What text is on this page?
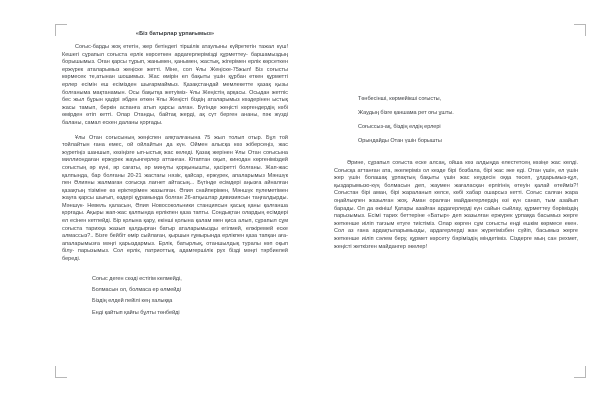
«Біз батырлар ұрпағымыз»

Соғыс-барды жоқ ететін, жер бетіндегі тіршілік атаулыны күйрететін тажал күш! Кешегі сұрапыл соғыста ерлік көрсеткен ардагерлерімізді құрметтеу- баршамыздың борышымыз. Оған қарсы тұрып, жанымен, қанымен, жастық, жігерімен ерлік көрсеткен ержүрек аталарымыз жеңіске жетті. Міне, сол Ұлы Жеңіске-75жыл! Біз соғысты көрмесек те,атынан шошимыз. Жас өмірін ел бақыты үшін құрбан еткен құрметті ерлер есімін еш есімізден шығармаймыз. Қазақстандай мемлекетте қазақ қызы болғаныма мақтанамын. Осы бақытқа жетуіміз- Ұлы Жеңістің арқасы. Осыдан жетпіс бес жыл бұрын қадірі әбден өткен Ұлы Жеңісті біздің аталарымыз көздерінен ыстық жасы тамып, беркін аспанға атып қарсы алған. Бүгінде жеңісті көргендердің көбі өмірден өтіп кетті. Олар Отанды, байтақ жерді, ақ сүт берген ананы, пәк жүзді баланы, самал ескен даланы қорғады.

Ұлы Отан соғысының жеңіспен аяқталғанына 75 жыл толып отыр. Бұл той тойлайтын ғана емес, ой ойлайтын да күн. Оймен алысқа көз жіберсеңіз, жас жүретіңіз шаншып, көзіңізге ып-ыстық жас келеді. Қазақ жерінен Ұлы Отан соғысына миллиондаған ержүрек жауынгерлер аттанған. Кітаптан оқып, кинодан көргеніміздей соғыстың әр күні, әр сағаты, әр минуты қорқынышты, қасіретті болғаны. Жап-жас қалпында, бар болғаны 20-21 жастағы нәзік, қайсар, ержүрек, апаларымыз Мәншүк пен Әлияны жалмаған соғысқа лағнет айтасың... Бүгінде есімдері аңызға айналған қазақтың тізіміне өз еріктерімен жазылған. Әлия снайперімен, Мәншүк пулеметімен жауға қарсы шығып, өздері құрамында болған 26-атқыштар дивизиясын таңғалдырды. Мәншүк- Невель қаласын, Әлия Новосокольники станциясын қасық қаны қалғанша қорғады. Ақыры жап-жас қалпында ерлікпен қаза тапты. Сондықтан олардың есімдері ел есінен кетпейді. Бір қолына қару, екінші қолына қалам мен қиса алып, сұрапыл сұм соғыста тарихқа жазып қалдырған батыр аталарымызды егілмей, елжіремей еске алмассыз?.. Бізге бейбіт өмір сыйлаған, қыршын ғұмырында ерлікпен қаза тапқан аға-апаларымызға мәңгі қарыздармыз. Ерлік, батырлық, отаншылдық туралы көп оқып білу- парызымыз. Сол ерлік, патриоттық, адамгершілік рух бізді мәңгі тәрбиелей береді.

Соғыс деген сөзді естігім келмейді,
Болмасын ол, болмаса ер өлмейді
Біздің елдей пейілі кең халыққа
Енді қайтып қайғы бұлты төнбейді
Төнбесінші, көрмейікші соғысты,
Жаудың бізге қаншама рет оғы ұшты.
Соғыссыз-ақ, біздің елдің ерлері
Орындайды Отан үшін борышты

Әрине, сұрапыл соғыста еске алсаң, ойша көз алдыңда елестетсең көзіңе жас келді. Соғысқа аттанған ата, әкелеріміз ол кезде бірі бозбала, бірі жас әке еді. Отан үшін, ел үшін жер үшін болашақ ұрпақтың бақыты үшін жас кеудесін оққа төсеп, ұлдарымыз-құл, қыздарымызо-күң болмасын деп, жаумен жағаласқан ерлігінің өтеуін қалай өтейміз?! Соғыстан бірі аман, бірі жараланып келсе, көбі хабар ошарсыз кетті. Соғыс салған жара оңайлықпен жазылған жоқ. Аман оралған майдангерлердің өзі күн санап, тым азайып барады. Ол да өкініш! Қатары азайған ардагерлерді күн сайын сыйлау, құрметтеу бәріміздің парызымыз. Есімі тарих беттеріне «Батыр» деп жазылған ержүрек ұрпаққа басымыз жерге жеткенше иіліп тағзым етуге тиістіміз. Олар көрген сұм соғысты енді ешкім көрмесе екен. Сол аз ғана ардақтыларымызды, ардагерлерді жан жүрегімізбен сүйіп, басымыз жерге жеткенше иіліп сәлем беру, құрмет көрсету бәріміздің міндетіміз. Сіздерге мың сан рехмет, жеңісті жеткізген майдангер әкелер!
